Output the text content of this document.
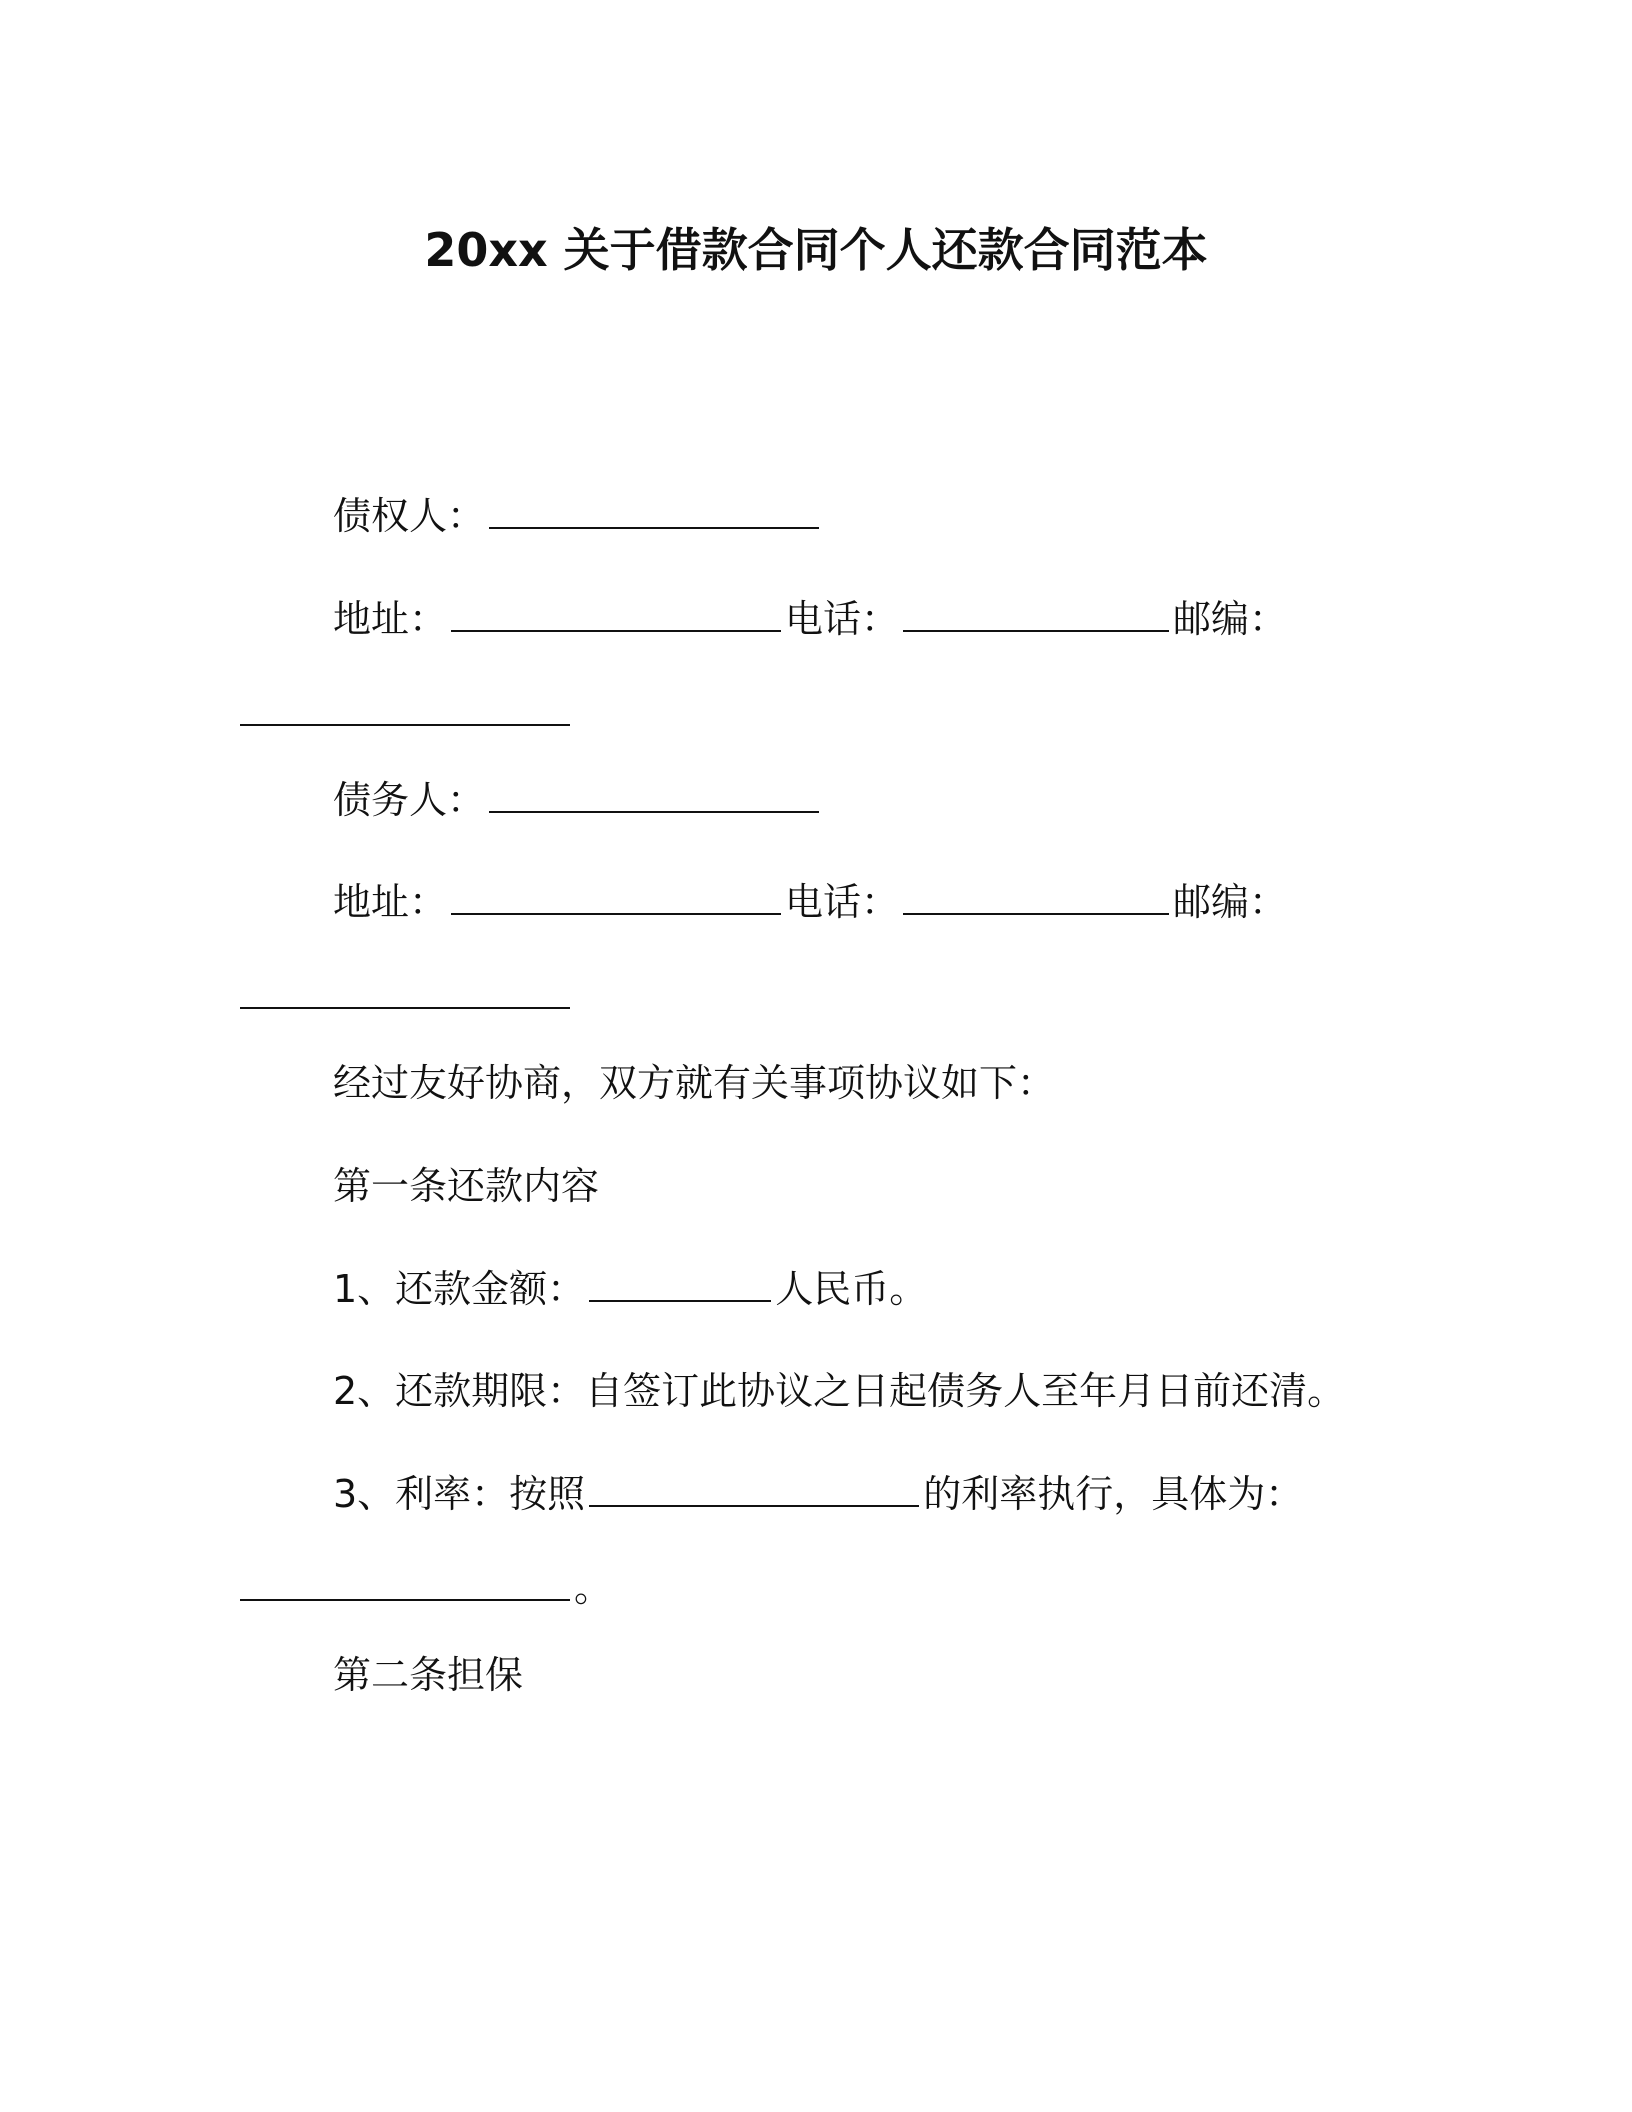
20xx 关于借款合同个人还款合同范本
债权人：
地址：	电话：	邮编：
债务人：
地址：	电话：	邮编：
经过友好协商，双方就有关事项协议如下：
第一条还款内容
1、还款金额：	人民币。
2、还款期限：自签订此协议之日起债务人至年月日前还清。
3、利率：按照	的利率执行，具体为：
。
第二条担保
